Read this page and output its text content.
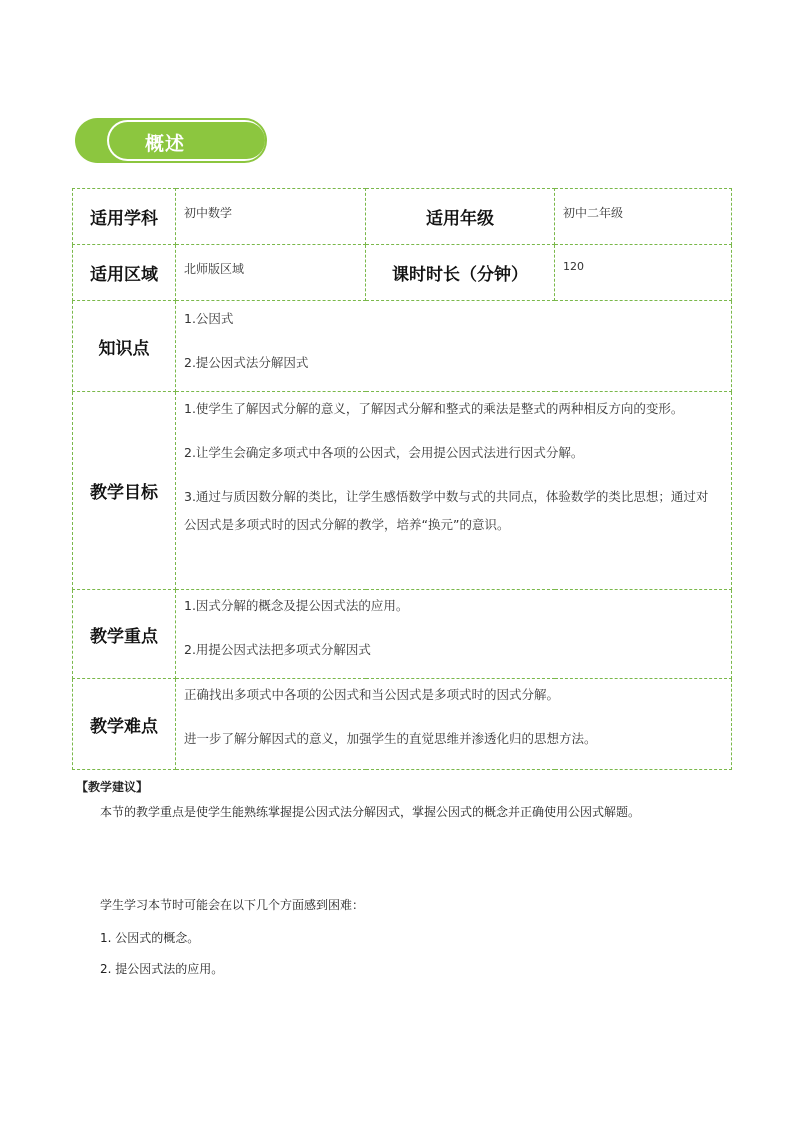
概述
适用学科	初中数学	适用年级	初中二年级

适用区域	北师版区域	课时时长（分钟）	120

知识点	1.公因式

2.提公因式法分解因式		

教学目标	1.使学生了解因式分解的意义，了解因式分解和整式的乘法是整式的两种相反方向的变形。

2.让学生会确定多项式中各项的公因式，会用提公因式法进行因式分解。

3.通过与质因数分解的类比，让学生感悟数学中数与式的共同点，体验数学的类比思想；通过对公因式是多项式时的因式分解的教学，培养“换元”的意识。		

教学重点	1.因式分解的概念及提公因式法的应用。

2.用提公因式法把多项式分解因式		

教学难点	正确找出多项式中各项的公因式和当公因式是多项式时的因式分解。

进一步了解分解因式的意义，加强学生的直觉思维并渗透化归的思想方法。		

【教学建议】
本节的教学重点是使学生能熟练掌握提公因式法分解因式，掌握公因式的概念并正确使用公因式解题。
学生学习本节时可能会在以下几个方面感到困难：
1. 公因式的概念。
2. 提公因式法的应用。
